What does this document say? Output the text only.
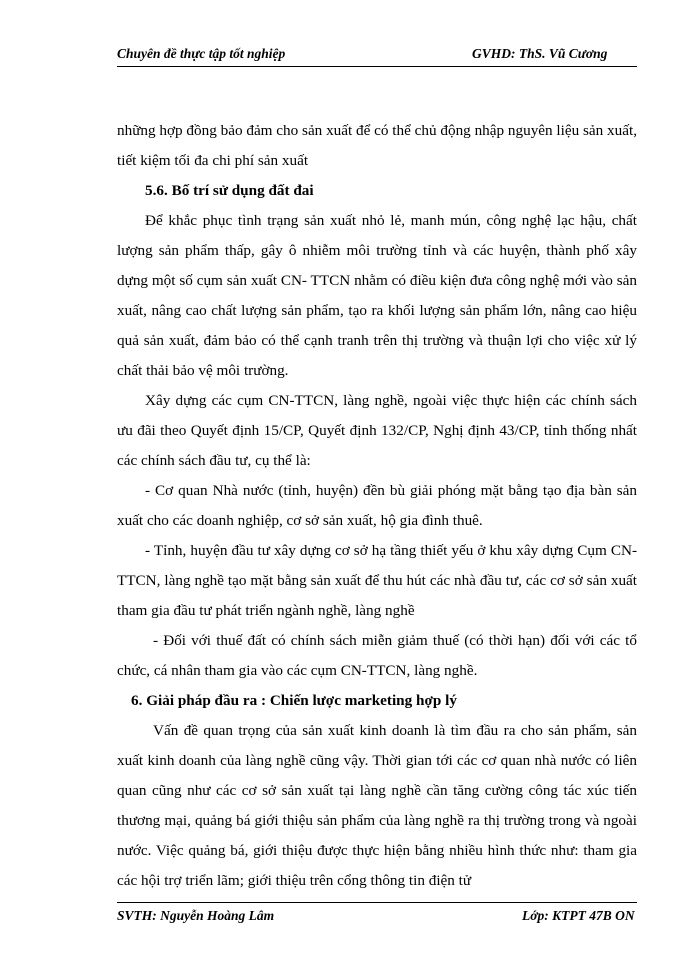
Chuyên đề thực tập tốt nghiệp	GVHD: ThS. Vũ Cương

những hợp đồng bảo đảm cho sản xuất để có thể chủ động nhập nguyên liệu sản xuất, tiết kiệm tối đa chi phí sản xuất

5.6. Bố trí sử dụng đất đai

Để khắc phục tình trạng sản xuất nhỏ lẻ, manh mún, công nghệ lạc hậu, chất lượng sản phẩm thấp, gây ô nhiễm môi trường tỉnh và các huyện, thành phố xây dựng một số cụm sản xuất CN- TTCN nhằm có điều kiện đưa công nghệ mới vào sản xuất, nâng cao chất lượng sản phẩm, tạo ra khối lượng sản phẩm lớn, nâng cao hiệu quả sản xuất, đảm bảo có thể cạnh tranh trên thị trường và thuận lợi cho việc xử lý chất thải bảo vệ môi trường.

Xây dựng các cụm CN-TTCN, làng nghề, ngoài việc thực hiện các chính sách ưu đãi theo Quyết định 15/CP, Quyết định 132/CP, Nghị định 43/CP, tỉnh thống nhất các chính sách đầu tư, cụ thể là:

- Cơ quan Nhà nước (tỉnh, huyện) đền bù giải phóng mặt bằng tạo địa bàn sản xuất cho các doanh nghiệp, cơ sở sản xuất, hộ gia đình thuê.

- Tỉnh, huyện đầu tư xây dựng cơ sở hạ tầng thiết yếu ở khu xây dựng Cụm CN-TTCN, làng nghề tạo mặt bằng sản xuất để thu hút các nhà đầu tư, các cơ sở sản xuất tham gia đầu tư phát triển ngành nghề, làng nghề

- Đối với thuế đất có chính sách miễn giảm thuế (có thời hạn) đối với các tổ chức, cá nhân tham gia vào các cụm CN-TTCN, làng nghề.

6. Giải pháp đầu ra : Chiến lược marketing hợp lý

Vấn đề quan trọng của sản xuất kinh doanh là tìm đầu ra cho sản phẩm, sản xuất kinh doanh của làng nghề cũng vậy. Thời gian tới các cơ quan nhà nước có liên quan cũng như các cơ sở sản xuất tại làng nghề cần tăng cường công tác xúc tiến thương mại, quảng bá giới thiệu sản phẩm của làng nghề ra thị trường trong và ngoài nước. Việc quảng bá, giới thiệu được thực hiện bằng nhiều hình thức như: tham gia các hội trợ triển lãm; giới thiệu trên cổng thông tin điện tử

SVTH: Nguyễn Hoàng Lâm	Lớp: KTPT 47B ON
